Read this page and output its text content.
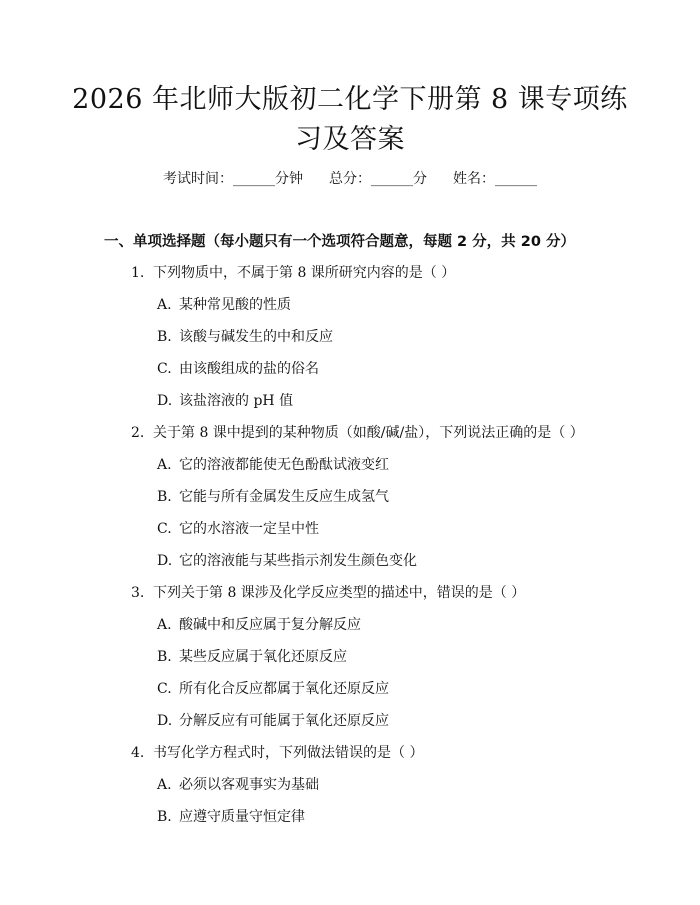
2026 年北师大版初二化学下册第 8 课专项练
习及答案
考试时间：______分钟 总分：______分 姓名：______
一、单项选择题（每小题只有一个选项符合题意，每题 2 分，共 20 分）
1. 下列物质中，不属于第 8 课所研究内容的是（ ）
A. 某种常见酸的性质
B. 该酸与碱发生的中和反应
C. 由该酸组成的盐的俗名
D. 该盐溶液的 pH 值
2. 关于第 8 课中提到的某种物质（如酸/碱/盐），下列说法正确的是（ ）
A. 它的溶液都能使无色酚酞试液变红
B. 它能与所有金属发生反应生成氢气
C. 它的水溶液一定呈中性
D. 它的溶液能与某些指示剂发生颜色变化
3. 下列关于第 8 课涉及化学反应类型的描述中，错误的是（ ）
A. 酸碱中和反应属于复分解反应
B. 某些反应属于氧化还原反应
C. 所有化合反应都属于氧化还原反应
D. 分解反应有可能属于氧化还原反应
4. 书写化学方程式时，下列做法错误的是（ ）
A. 必须以客观事实为基础
B. 应遵守质量守恒定律
